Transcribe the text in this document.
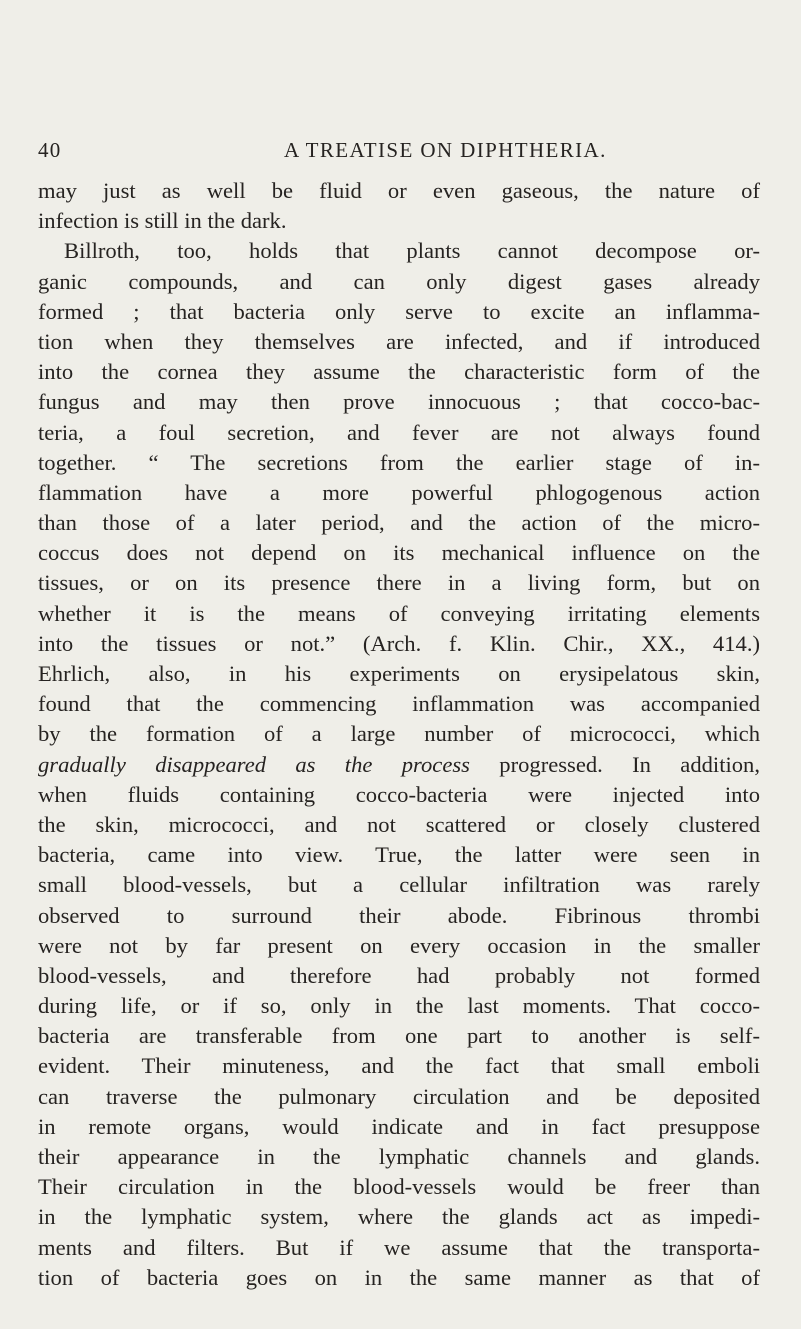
40	A TREATISE ON DIPHTHERIA.
may just as well be fluid or even gaseous, the nature of
infection is still in the dark.
Billroth, too, holds that plants cannot decompose or-
ganic compounds, and can only digest gases already
formed ; that bacteria only serve to excite an inflamma-
tion when they themselves are infected, and if introduced
into the cornea they assume the characteristic form of the
fungus and may then prove innocuous ; that cocco-bac-
teria, a foul secretion, and fever are not always found
together. “ The secretions from the earlier stage of in-
flammation have a more powerful phlogogenous action
than those of a later period, and the action of the micro-
coccus does not depend on its mechanical influence on the
tissues, or on its presence there in a living form, but on
whether it is the means of conveying irritating elements
into the tissues or not.” (Arch. f. Klin. Chir., XX., 414.)
Ehrlich, also, in his experiments on erysipelatous skin,
found that the commencing inflammation was accompanied
by the formation of a large number of micrococci, which
gradually disappeared as the process progressed. In addition,
when fluids containing cocco-bacteria were injected into
the skin, micrococci, and not scattered or closely clustered
bacteria, came into view. True, the latter were seen in
small blood-vessels, but a cellular infiltration was rarely
observed to surround their abode. Fibrinous thrombi
were not by far present on every occasion in the smaller
blood-vessels, and therefore had probably not formed
during life, or if so, only in the last moments. That cocco-
bacteria are transferable from one part to another is self-
evident. Their minuteness, and the fact that small emboli
can traverse the pulmonary circulation and be deposited
in remote organs, would indicate and in fact presuppose
their appearance in the lymphatic channels and glands.
Their circulation in the blood-vessels would be freer than
in the lymphatic system, where the glands act as impedi-
ments and filters. But if we assume that the transporta-
tion of bacteria goes on in the same manner as that of
